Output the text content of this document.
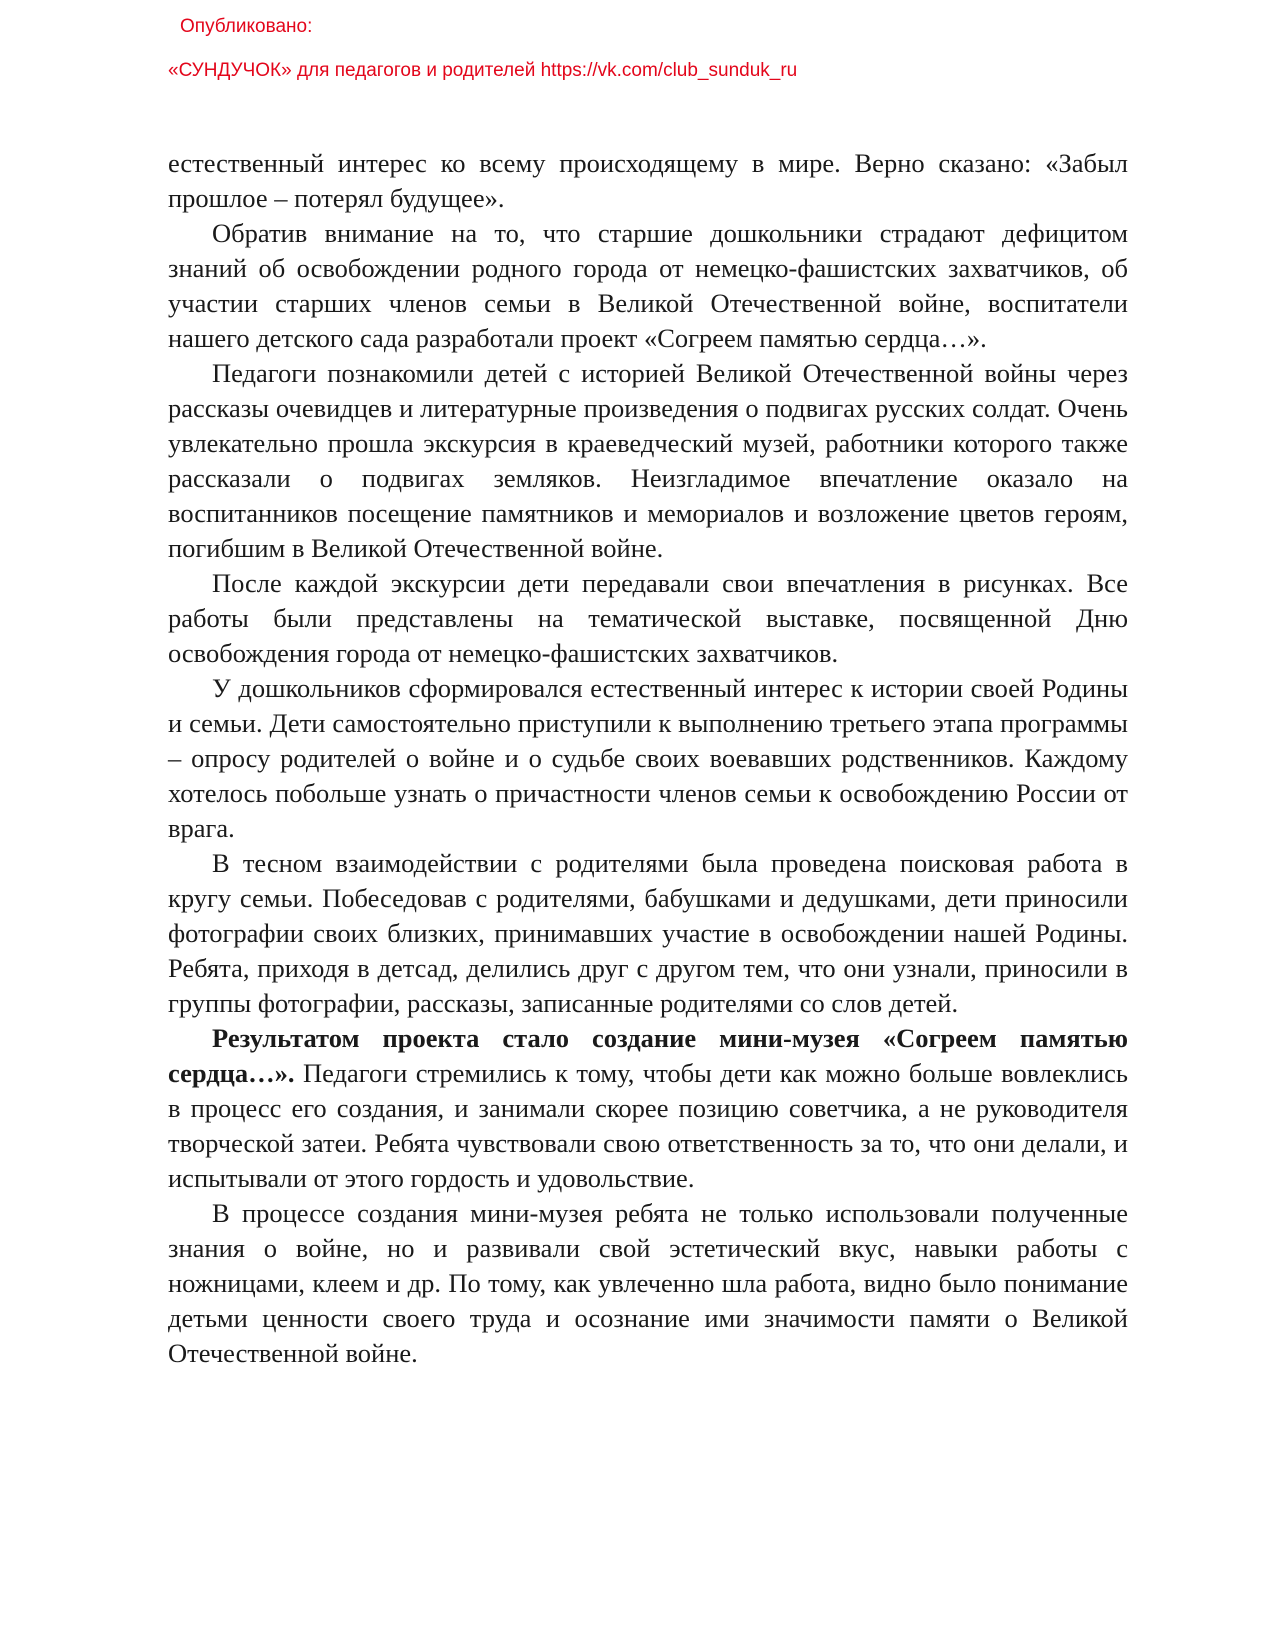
Опубликовано:
«СУНДУЧОК» для педагогов и родителей https://vk.com/club_sunduk_ru

естественный интерес ко всему происходящему в мире. Верно сказано: «Забыл прошлое – потерял будущее».

Обратив внимание на то, что старшие дошкольники страдают дефицитом знаний об освобождении родного города от немецко-фашистских захватчиков, об участии старших членов семьи в Великой Отечественной войне, воспитатели нашего детского сада разработали проект «Согреем памятью сердца…».

Педагоги познакомили детей с историей Великой Отечественной войны через рассказы очевидцев и литературные произведения о подвигах русских солдат. Очень увлекательно прошла экскурсия в краеведческий музей, работники которого также рассказали о подвигах земляков. Неизгладимое впечатление оказало на воспитанников посещение памятников и мемориалов и возложение цветов героям, погибшим в Великой Отечественной войне.

После каждой экскурсии дети передавали свои впечатления в рисунках. Все работы были представлены на тематической выставке, посвященной Дню освобождения города от немецко-фашистских захватчиков.

У дошкольников сформировался естественный интерес к истории своей Родины и семьи. Дети самостоятельно приступили к выполнению третьего этапа программы – опросу родителей о войне и о судьбе своих воевавших родственников. Каждому хотелось побольше узнать о причастности членов семьи к освобождению России от врага.

В тесном взаимодействии с родителями была проведена поисковая работа в кругу семьи. Побеседовав с родителями, бабушками и дедушками, дети приносили фотографии своих близких, принимавших участие в освобождении нашей Родины. Ребята, приходя в детсад, делились друг с другом тем, что они узнали, приносили в группы фотографии, рассказы, записанные родителями со слов детей.

Результатом проекта стало создание мини-музея «Согреем памятью сердца…». Педагоги стремились к тому, чтобы дети как можно больше вовлеклись в процесс его создания, и занимали скорее позицию советчика, а не руководителя творческой затеи. Ребята чувствовали свою ответственность за то, что они делали, и испытывали от этого гордость и удовольствие.

В процессе создания мини-музея ребята не только использовали полученные знания о войне, но и развивали свой эстетический вкус, навыки работы с ножницами, клеем и др. По тому, как увлеченно шла работа, видно было понимание детьми ценности своего труда и осознание ими значимости памяти о Великой Отечественной войне.
